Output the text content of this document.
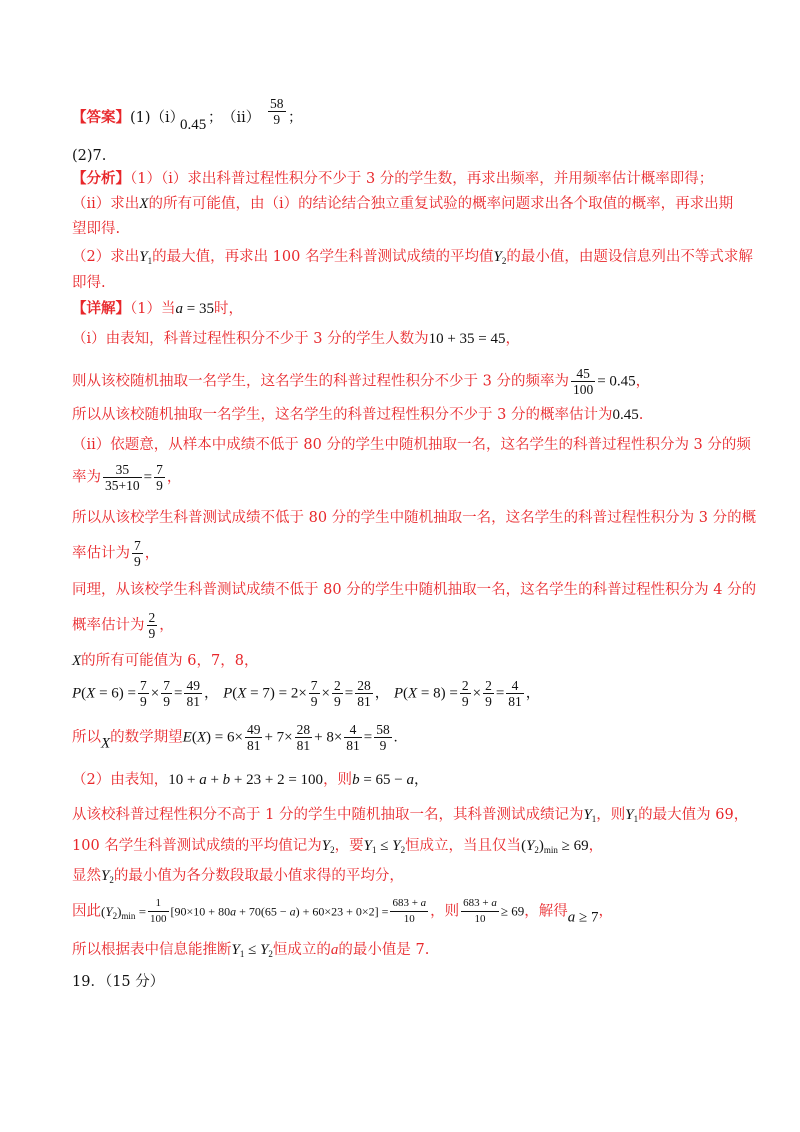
【答案】 (1)（i）
0.45 ； $(ii) \frac{58}{9}$ ；
(2)7.
【分析】（1）（i）求出科普过程性积分不少于 3 分的学生数，再求出频率，并用频率估计概率即得；
（ii）求出X的所有可能值，由（i）的结论结合独立重复试验的概率问题求出各个取值的概率，再求出期
望即得.
（2）求出$Y_1$的最大值，再求出 100 名学生科普测试成绩的平均值$Y_2$的最小值，由题设信息列出不等式求解
即得.
【详解】（1）当a = 35时，
（i）由表知，科普过程性积分不少于 3 分的学生人数为10 + 35 = 45，
则从该校随机抽取一名学生，这名学生的科普过程性积分不少于 3 分的频率为 $\frac{45}{100} = 0.45$，
所以从该校随机抽取一名学生，这名学生的科普过程性积分不少于 3 分的概率估计为0.45.
（ii）依题意，从样本中成绩不低于 80 分的学生中随机抽取一名，这名学生的科普过程性积分为 3 分的频
率为 $\frac{35}{35+10} = \frac{7}{9}$ ，
所以从该校学生科普测试成绩不低于 80 分的学生中随机抽取一名，这名学生的科普过程性积分为 3 分的概
率估计为 $\frac{7}{9}$ ，
同理，从该校学生科普测试成绩不低于 80 分的学生中随机抽取一名，这名学生的科普过程性积分为 4 分的
概率估计为 $\frac{2}{9}$ ，
X的所有可能值为 6，7，8，
$P(X = 6) = \frac{7}{9} \times \frac{7}{9} = \frac{49}{81}$ ， $P(X = 7) = 2\times \frac{7}{9} \times \frac{2}{9} = \frac{28}{81}$ ， $P(X = 8) = \frac{2}{9} \times \frac{2}{9} = \frac{4}{81}$ ，
所以X的数学期望$E(X) = 6\times \frac{49}{81} + 7\times \frac{28}{81} + 8\times \frac{4}{81} = \frac{58}{9}$ .
（2）由表知，10 + a + b + 23 + 2 = 100，则b = 65 − a，
从该校科普过程性积分不高于 1 分的学生中随机抽取一名，其科普测试成绩记为$Y_1$，则$Y_1$的最大值为 69，
100 名学生科普测试成绩的平均值记为$Y_2$，要$Y_1 \le Y_2$恒成立，当且仅当$(Y_2)_{min} \ge 69$，
显然$Y_2$的最小值为各分数段取最小值求得的平均分，
因此$(Y_2)_{min} = \frac{1}{100} [90\times 10 + 80a + 70(65 - a) + 60\times 23 + 0\times 2] = \frac{683 + a}{10}$ ，则 $\frac{683 + a}{10} \ge 69$，解得a ≥ 7，
所以根据表中信息能推断$Y_1 \le Y_2$恒成立的a的最小值是 7.
19．（15 分）
